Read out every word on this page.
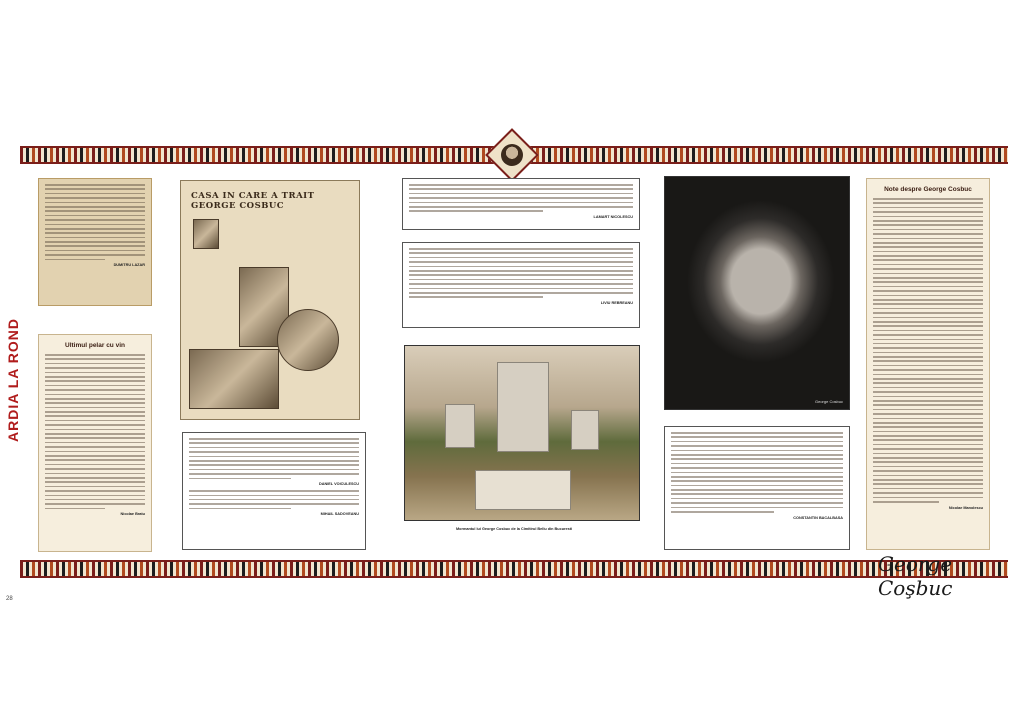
ARDIA LA ROND
28
DUMITRU LAZAR
Ultimul pelar cu vin
Nicolae Bratu
CASA IN CARE A TRAIT GEORGE COSBUC
LAMART NICOLESCU
LIVIU REBREANU
Mormantul lui George Cosbuc de la Cimitirul Bellu din Bucuresti
DANIEL VOICULESCU
MIHAIL SADOVEANU
George Cosbuc
CONSTANTIN BACALBASA
Note despre George Cosbuc
Nicolae Manolescu
George Coşbuc
